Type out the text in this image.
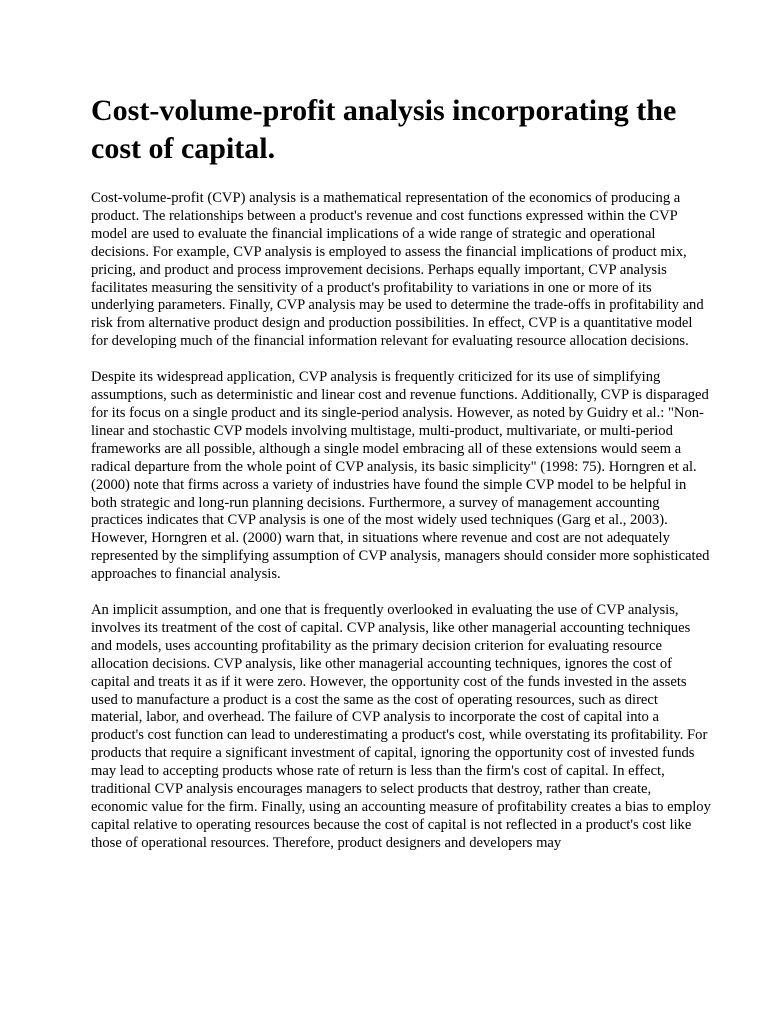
Cost-volume-profit analysis incorporating the cost of capital.

Cost-volume-profit (CVP) analysis is a mathematical representation of the economics of producing a product. The relationships between a product's revenue and cost functions expressed within the CVP model are used to evaluate the financial implications of a wide range of strategic and operational decisions. For example, CVP analysis is employed to assess the financial implications of product mix, pricing, and product and process improvement decisions. Perhaps equally important, CVP analysis facilitates measuring the sensitivity of a product's profitability to variations in one or more of its underlying parameters. Finally, CVP analysis may be used to determine the trade-offs in profitability and risk from alternative product design and production possibilities. In effect, CVP is a quantitative model for developing much of the financial information relevant for evaluating resource allocation decisions.

Despite its widespread application, CVP analysis is frequently criticized for its use of simplifying assumptions, such as deterministic and linear cost and revenue functions. Additionally, CVP is disparaged for its focus on a single product and its single-period analysis. However, as noted by Guidry et al.: "Non-linear and stochastic CVP models involving multistage, multi-product, multivariate, or multi-period frameworks are all possible, although a single model embracing all of these extensions would seem a radical departure from the whole point of CVP analysis, its basic simplicity" (1998: 75). Horngren et al. (2000) note that firms across a variety of industries have found the simple CVP model to be helpful in both strategic and long-run planning decisions. Furthermore, a survey of management accounting practices indicates that CVP analysis is one of the most widely used techniques (Garg et al., 2003). However, Horngren et al. (2000) warn that, in situations where revenue and cost are not adequately represented by the simplifying assumption of CVP analysis, managers should consider more sophisticated approaches to financial analysis.

An implicit assumption, and one that is frequently overlooked in evaluating the use of CVP analysis, involves its treatment of the cost of capital. CVP analysis, like other managerial accounting techniques and models, uses accounting profitability as the primary decision criterion for evaluating resource allocation decisions. CVP analysis, like other managerial accounting techniques, ignores the cost of capital and treats it as if it were zero. However, the opportunity cost of the funds invested in the assets used to manufacture a product is a cost the same as the cost of operating resources, such as direct material, labor, and overhead. The failure of CVP analysis to incorporate the cost of capital into a product's cost function can lead to underestimating a product's cost, while overstating its profitability. For products that require a significant investment of capital, ignoring the opportunity cost of invested funds may lead to accepting products whose rate of return is less than the firm's cost of capital. In effect, traditional CVP analysis encourages managers to select products that destroy, rather than create, economic value for the firm. Finally, using an accounting measure of profitability creates a bias to employ capital relative to operating resources because the cost of capital is not reflected in a product's cost like those of operational resources. Therefore, product designers and developers may
